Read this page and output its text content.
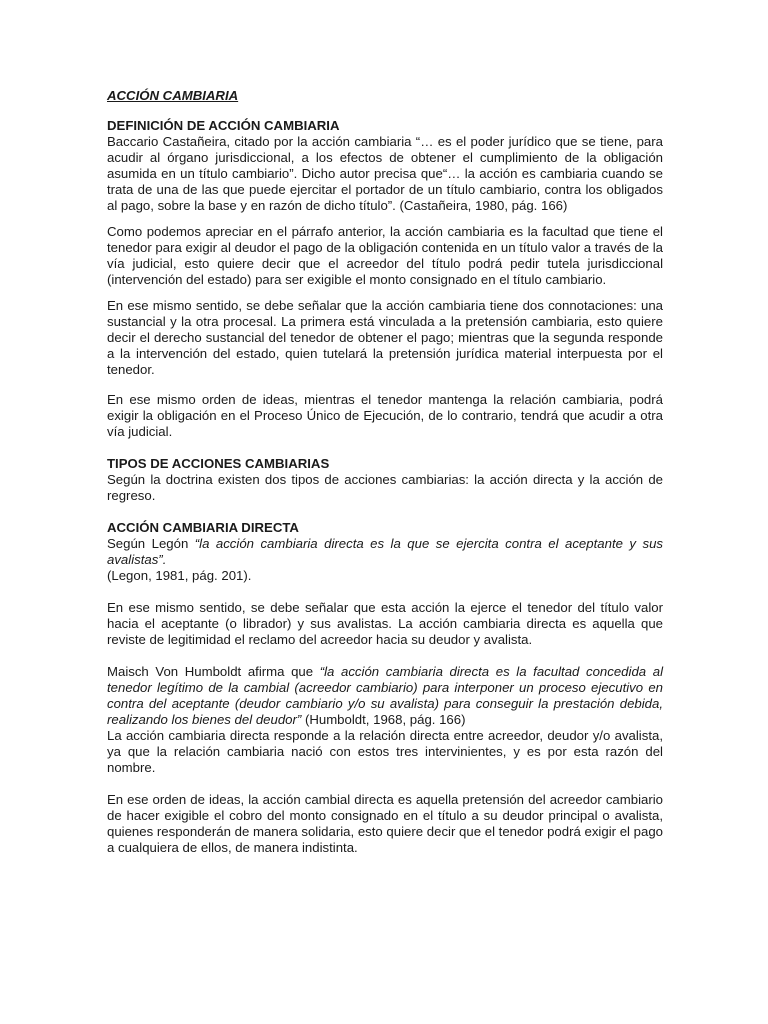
ACCIÓN CAMBIARIA

DEFINICIÓN DE ACCIÓN CAMBIARIA

Baccario Castañeira, citado por la acción cambiaria “… es el poder jurídico que se tiene, para acudir al órgano jurisdiccional, a los efectos de obtener el cumplimiento de la obligación asumida en un título cambiario”. Dicho autor precisa que“… la acción es cambiaria cuando se trata de una de las que puede ejercitar el portador de un título cambiario, contra los obligados al pago, sobre la base y en razón de dicho título”. (Castañeira, 1980, pág. 166)

Como podemos apreciar en el párrafo anterior, la acción cambiaria es la facultad que tiene el tenedor para exigir al deudor el pago de la obligación contenida en un título valor a través de la vía judicial, esto quiere decir que el acreedor del título podrá pedir tutela jurisdiccional (intervención del estado) para ser exigible el monto consignado en el título cambiario.

En ese mismo sentido, se debe señalar que la acción cambiaria tiene dos connotaciones: una sustancial y la otra procesal. La primera está vinculada a la pretensión cambiaria, esto quiere decir el derecho sustancial del tenedor de obtener el pago; mientras que la segunda responde a la intervención del estado, quien tutelará la pretensión jurídica material interpuesta por el tenedor.

En ese mismo orden de ideas, mientras el tenedor mantenga la relación cambiaria, podrá exigir la obligación en el Proceso Único de Ejecución, de lo contrario, tendrá que acudir a otra vía judicial.

TIPOS DE ACCIONES CAMBIARIAS

Según la doctrina existen dos tipos de acciones cambiarias: la acción directa y la acción de regreso.

ACCIÓN CAMBIARIA DIRECTA

Según Legón “la acción cambiaria directa es la que se ejercita contra el aceptante y sus avalistas”.

(Legon, 1981, pág. 201).

En ese mismo sentido, se debe señalar que esta acción la ejerce el tenedor del título valor hacia el aceptante (o librador) y sus avalistas. La acción cambiaria directa es aquella que reviste de legitimidad el reclamo del acreedor hacia su deudor y avalista.

Maisch Von Humboldt afirma que “la acción cambiaria directa es la facultad concedida al tenedor legítimo de la cambial (acreedor cambiario) para interponer un proceso ejecutivo en contra del aceptante (deudor cambiario y/o su avalista) para conseguir la prestación debida, realizando los bienes del deudor” (Humboldt, 1968, pág. 166)

La acción cambiaria directa responde a la relación directa entre acreedor, deudor y/o avalista, ya que la relación cambiaria nació con estos tres intervinientes, y es por esta razón del nombre.

En ese orden de ideas, la acción cambial directa es aquella pretensión del acreedor cambiario de hacer exigible el cobro del monto consignado en el título a su deudor principal o avalista, quienes responderán de manera solidaria, esto quiere decir que el tenedor podrá exigir el pago a cualquiera de ellos, de manera indistinta.
